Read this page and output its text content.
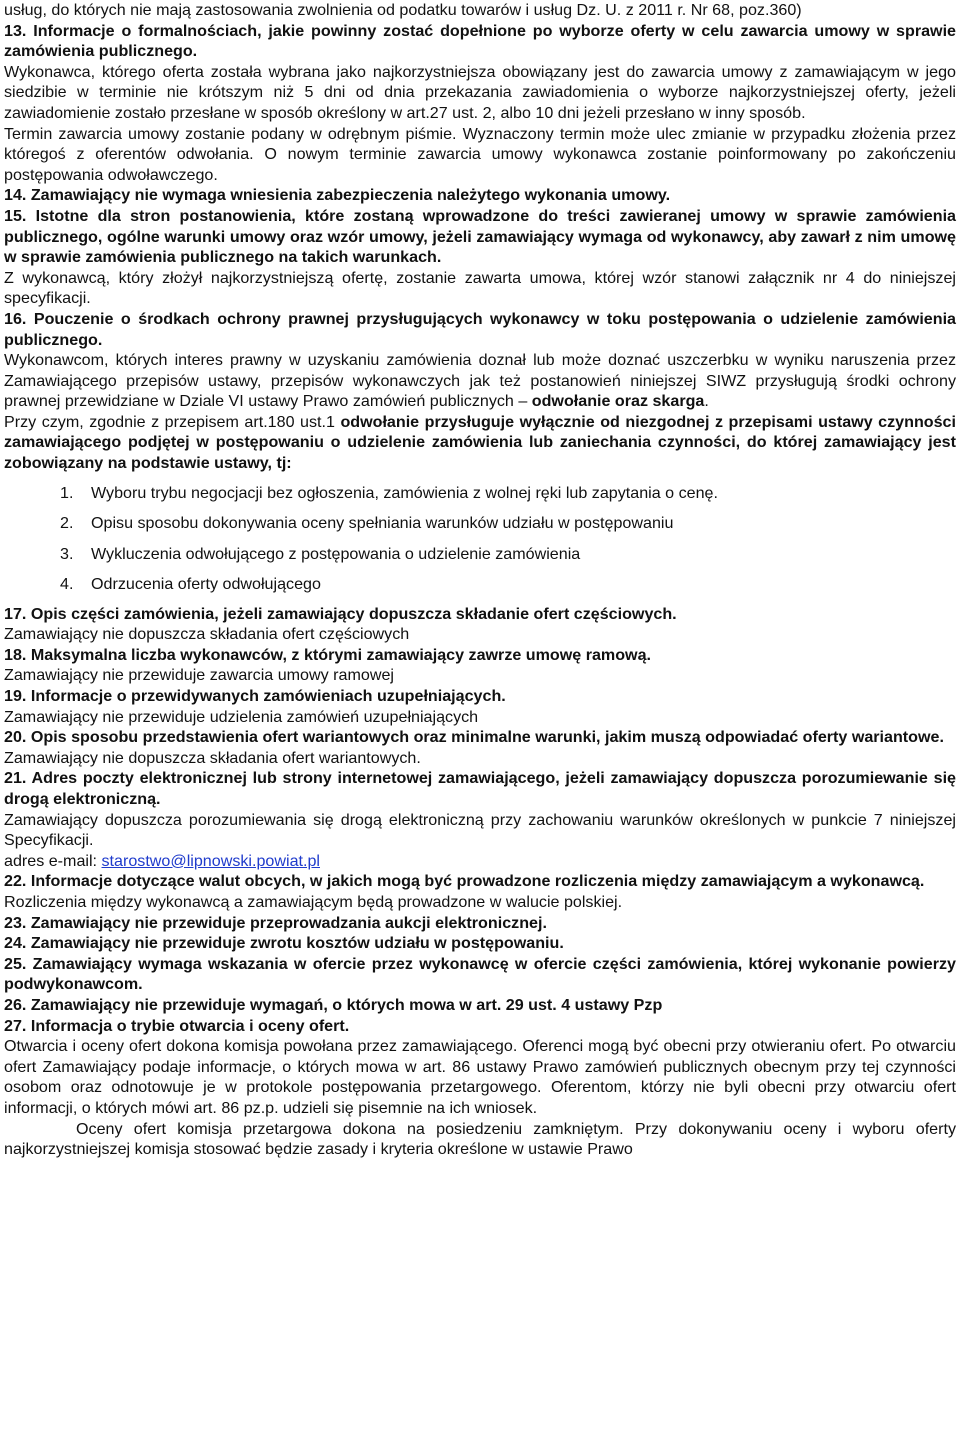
usług, do których nie mają zastosowania zwolnienia od podatku towarów i usług Dz. U. z 2011 r. Nr 68, poz.360)

13. Informacje o formalnościach, jakie powinny zostać dopełnione po wyborze oferty w celu zawarcia umowy w sprawie zamówienia publicznego.

Wykonawca, którego oferta została wybrana jako najkorzystniejsza obowiązany jest do zawarcia umowy z zamawiającym w jego siedzibie w terminie nie krótszym niż 5 dni od dnia przekazania zawiadomienia o wyborze najkorzystniejszej oferty, jeżeli zawiadomienie zostało przesłane w sposób określony w art.27 ust. 2, albo 10 dni jeżeli przesłano w inny sposób.

Termin zawarcia umowy zostanie podany w odrębnym piśmie. Wyznaczony termin może ulec zmianie w przypadku złożenia przez któregoś z oferentów odwołania. O nowym terminie zawarcia umowy wykonawca zostanie poinformowany po zakończeniu postępowania odwoławczego.

14. Zamawiający nie wymaga wniesienia zabezpieczenia należytego wykonania umowy.

15. Istotne dla stron postanowienia, które zostaną wprowadzone do treści zawieranej umowy w sprawie zamówienia publicznego, ogólne warunki umowy oraz wzór umowy, jeżeli zamawiający wymaga od wykonawcy, aby zawarł z nim umowę w sprawie zamówienia publicznego na takich warunkach.

Z wykonawcą, który złożył najkorzystniejszą ofertę, zostanie zawarta umowa, której wzór stanowi załącznik nr 4 do niniejszej specyfikacji.

16. Pouczenie o środkach ochrony prawnej przysługujących wykonawcy w toku postępowania o udzielenie zamówienia publicznego.

Wykonawcom, których interes prawny w uzyskaniu zamówienia doznał lub może doznać uszczerbku w wyniku naruszenia przez Zamawiającego przepisów ustawy, przepisów wykonawczych jak też postanowień niniejszej SIWZ przysługują środki ochrony prawnej przewidziane w Dziale VI ustawy Prawo zamówień publicznych – odwołanie oraz skarga.

Przy czym, zgodnie z przepisem art.180 ust.1 odwołanie przysługuje wyłącznie od niezgodnej z przepisami ustawy czynności zamawiającego podjętej w postępowaniu o udzielenie zamówienia lub zaniechania czynności, do której zamawiający jest zobowiązany na podstawie ustawy, tj:

1.	Wyboru trybu negocjacji bez ogłoszenia, zamówienia z wolnej ręki lub zapytania o cenę.
2.	Opisu sposobu dokonywania oceny spełniania warunków udziału w postępowaniu
3.	Wykluczenia odwołującego z postępowania o udzielenie zamówienia
4.	Odrzucenia oferty odwołującego

17. Opis części zamówienia, jeżeli zamawiający dopuszcza składanie ofert częściowych.

Zamawiający nie dopuszcza składania ofert częściowych

18. Maksymalna liczba wykonawców, z którymi zamawiający zawrze umowę ramową.

Zamawiający nie przewiduje zawarcia umowy ramowej

19. Informacje o przewidywanych zamówieniach uzupełniających.

Zamawiający nie przewiduje udzielenia zamówień uzupełniających

20. Opis sposobu przedstawienia ofert wariantowych oraz minimalne warunki, jakim muszą odpowiadać oferty wariantowe.

Zamawiający nie dopuszcza składania ofert wariantowych.

21. Adres poczty elektronicznej lub strony internetowej zamawiającego, jeżeli zamawiający dopuszcza porozumiewanie się drogą elektroniczną.

Zamawiający dopuszcza porozumiewania się drogą elektroniczną przy zachowaniu warunków określonych w punkcie 7 niniejszej Specyfikacji.

adres e-mail: starostwo@lipnowski.powiat.pl

22. Informacje dotyczące walut obcych, w jakich mogą być prowadzone rozliczenia między zamawiającym a wykonawcą.

Rozliczenia między wykonawcą a zamawiającym będą prowadzone w walucie polskiej.

23. Zamawiający nie przewiduje przeprowadzania aukcji elektronicznej.

24. Zamawiający nie przewiduje zwrotu kosztów udziału w postępowaniu.

25. Zamawiający wymaga wskazania w ofercie przez wykonawcę w ofercie części zamówienia, której wykonanie powierzy podwykonawcom.

26. Zamawiający nie przewiduje wymagań, o których mowa w art. 29 ust. 4 ustawy Pzp

27. Informacja o trybie otwarcia i oceny ofert.

Otwarcia i oceny ofert dokona komisja powołana przez zamawiającego. Oferenci mogą być obecni przy otwieraniu ofert. Po otwarciu ofert Zamawiający podaje informacje, o których mowa w art. 86 ustawy Prawo zamówień publicznych obecnym przy tej czynności osobom oraz odnotowuje je w protokole postępowania przetargowego. Oferentom, którzy nie byli obecni przy otwarciu ofert informacji, o których mówi art. 86 pz.p. udzieli się pisemnie na ich wniosek.

Oceny ofert komisja przetargowa dokona na posiedzeniu zamkniętym. Przy dokonywaniu oceny i wyboru oferty najkorzystniejszej komisja stosować będzie zasady i kryteria określone w ustawie Prawo
